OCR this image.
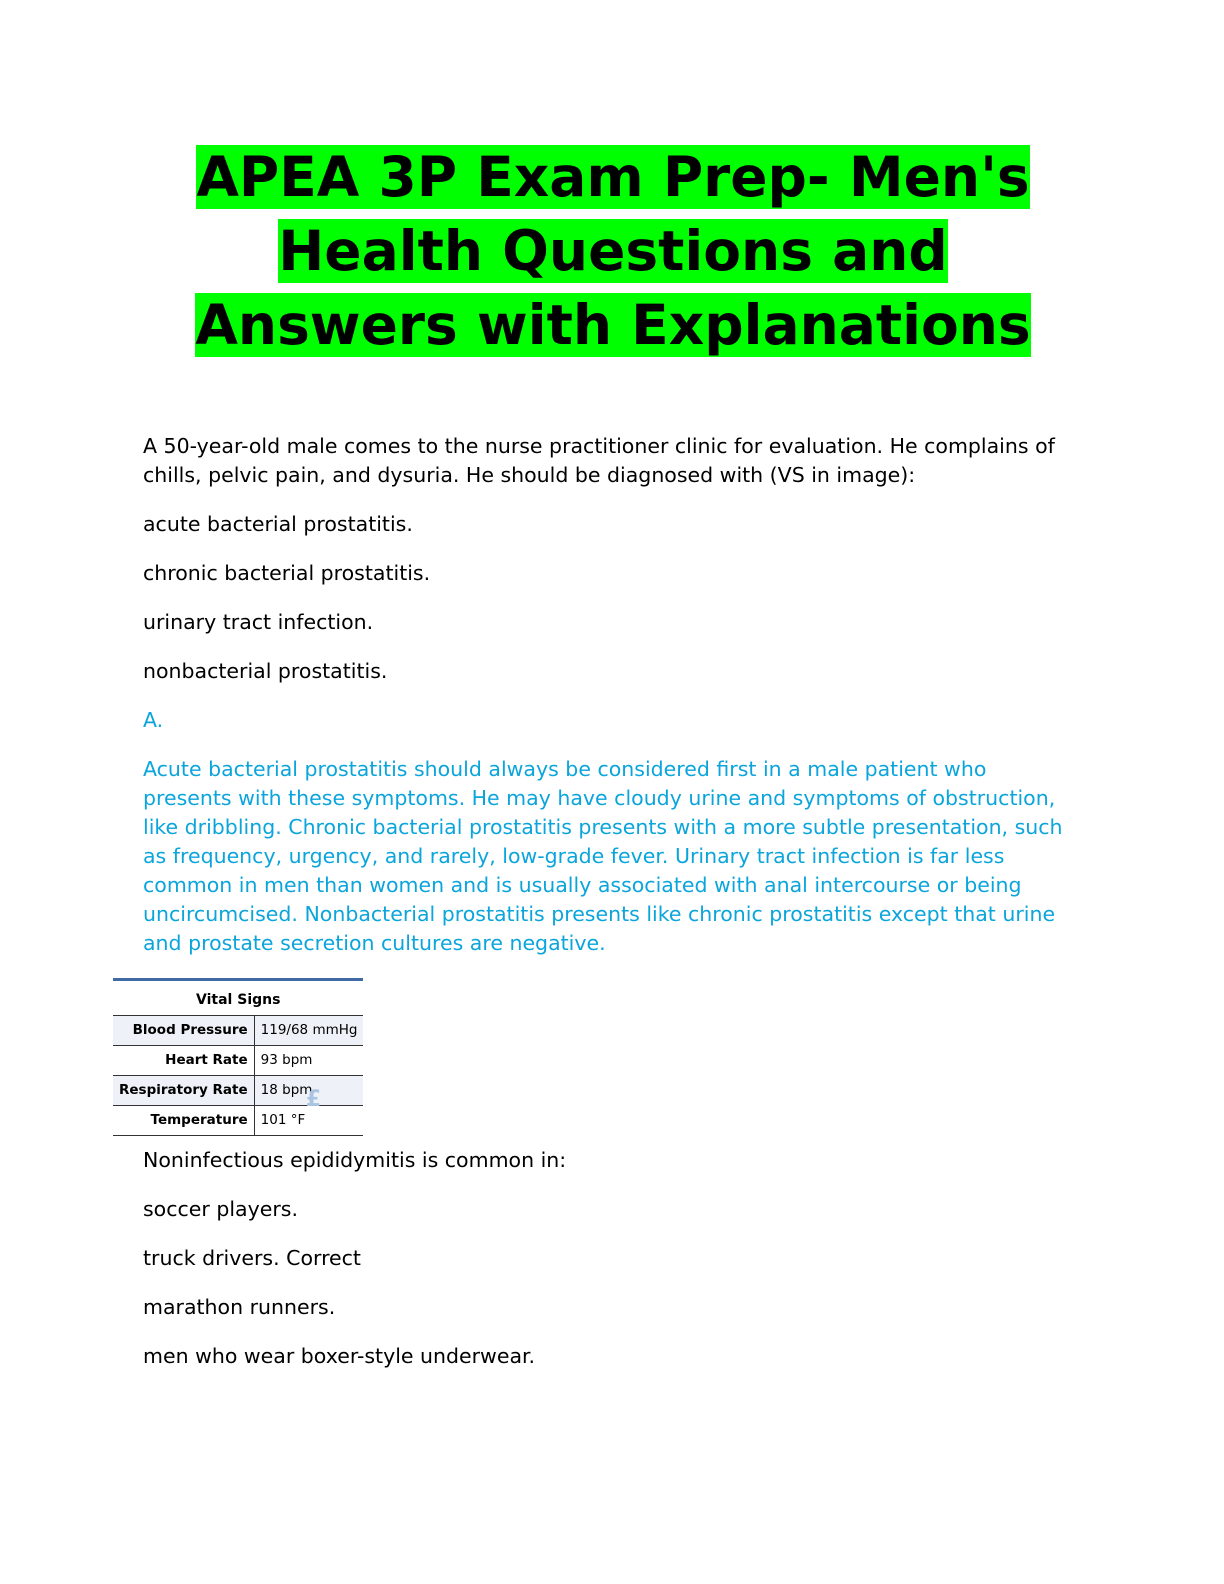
APEA 3P Exam Prep- Men's
Health Questions and
Answers with Explanations

A 50-year-old male comes to the nurse practitioner clinic for evaluation. He complains of chills, pelvic pain, and dysuria. He should be diagnosed with (VS in image):

acute bacterial prostatitis.

chronic bacterial prostatitis.

urinary tract infection.

nonbacterial prostatitis.

A.

Acute bacterial prostatitis should always be considered first in a male patient who presents with these symptoms. He may have cloudy urine and symptoms of obstruction, like dribbling. Chronic bacterial prostatitis presents with a more subtle presentation, such as frequency, urgency, and rarely, low-grade fever. Urinary tract infection is far less common in men than women and is usually associated with anal intercourse or being uncircumcised. Nonbacterial prostatitis presents like chronic prostatitis except that urine and prostate secretion cultures are negative.

Vital Signs	
Blood Pressure	119/68 mmHg
Heart Rate	93 bpm
Respiratory Rate	18 bpm
Temperature	101 °F
£

Noninfectious epididymitis is common in:

soccer players.

truck drivers. Correct

marathon runners.

men who wear boxer-style underwear.
